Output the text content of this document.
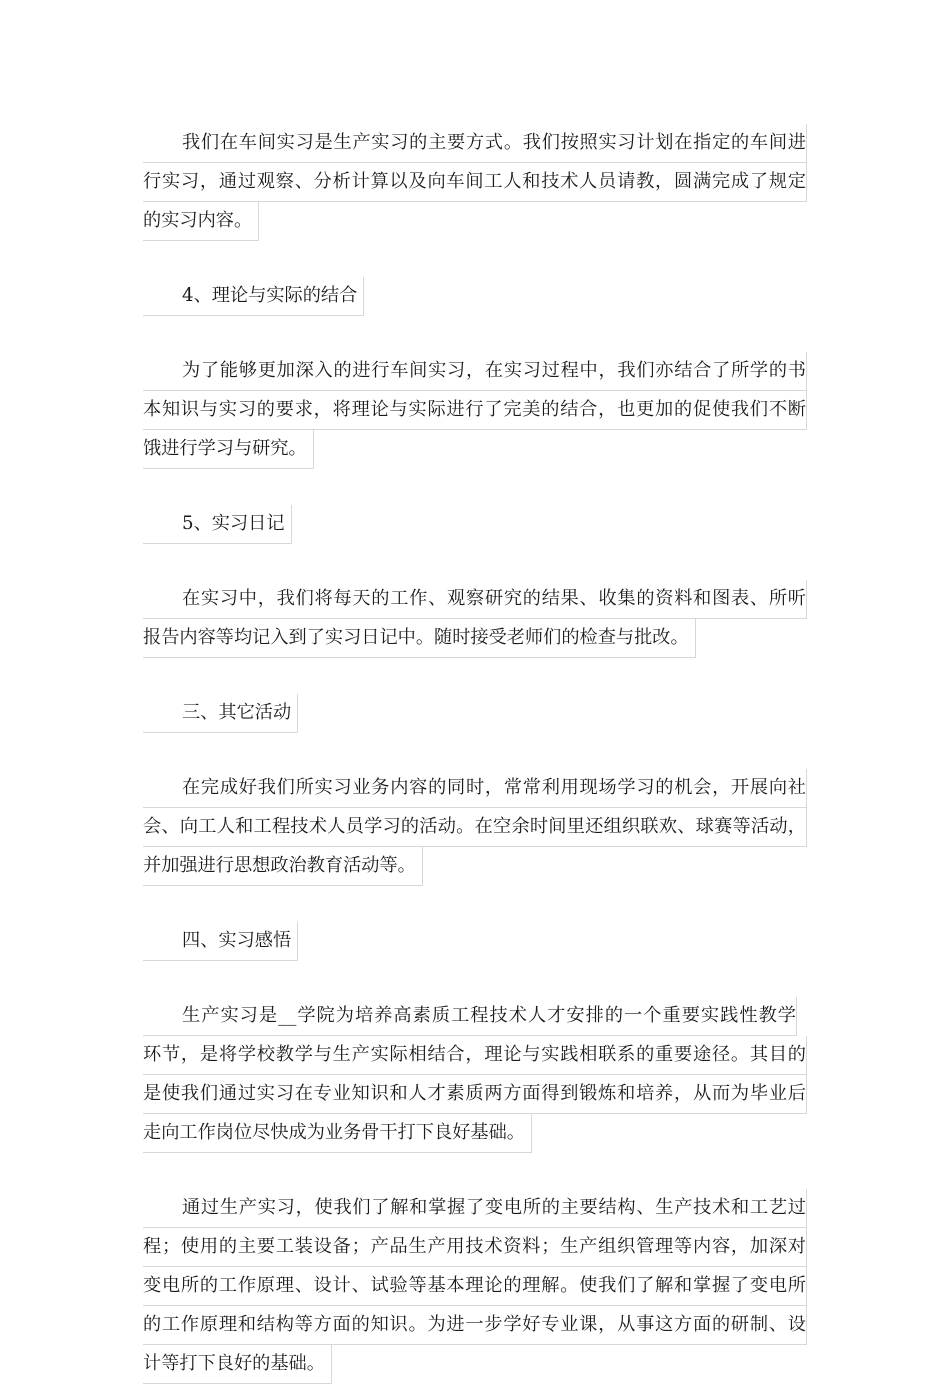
我们在车间实习是生产实习的主要方式。我们按照实习计划在指定的车间进
行实习，通过观察、分析计算以及向车间工人和技术人员请教，圆满完成了规定
的实习内容。
4、理论与实际的结合
为了能够更加深入的进行车间实习，在实习过程中，我们亦结合了所学的书
本知识与实习的要求，将理论与实际进行了完美的结合，也更加的促使我们不断
饿进行学习与研究。
5、实习日记
在实习中，我们将每天的工作、观察研究的结果、收集的资料和图表、所听
报告内容等均记入到了实习日记中。随时接受老师们的检查与批改。
三、其它活动
在完成好我们所实习业务内容的同时，常常利用现场学习的机会，开展向社
会、向工人和工程技术人员学习的活动。在空余时间里还组织联欢、球赛等活动，
并加强进行思想政治教育活动等。
四、实习感悟
生产实习是__学院为培养高素质工程技术人才安排的一个重要实践性教学
环节，是将学校教学与生产实际相结合，理论与实践相联系的重要途径。其目的
是使我们通过实习在专业知识和人才素质两方面得到锻炼和培养，从而为毕业后
走向工作岗位尽快成为业务骨干打下良好基础。
通过生产实习，使我们了解和掌握了变电所的主要结构、生产技术和工艺过
程；使用的主要工装设备；产品生产用技术资料；生产组织管理等内容，加深对
变电所的工作原理、设计、试验等基本理论的理解。使我们了解和掌握了变电所
的工作原理和结构等方面的知识。为进一步学好专业课，从事这方面的研制、设
计等打下良好的基础。
